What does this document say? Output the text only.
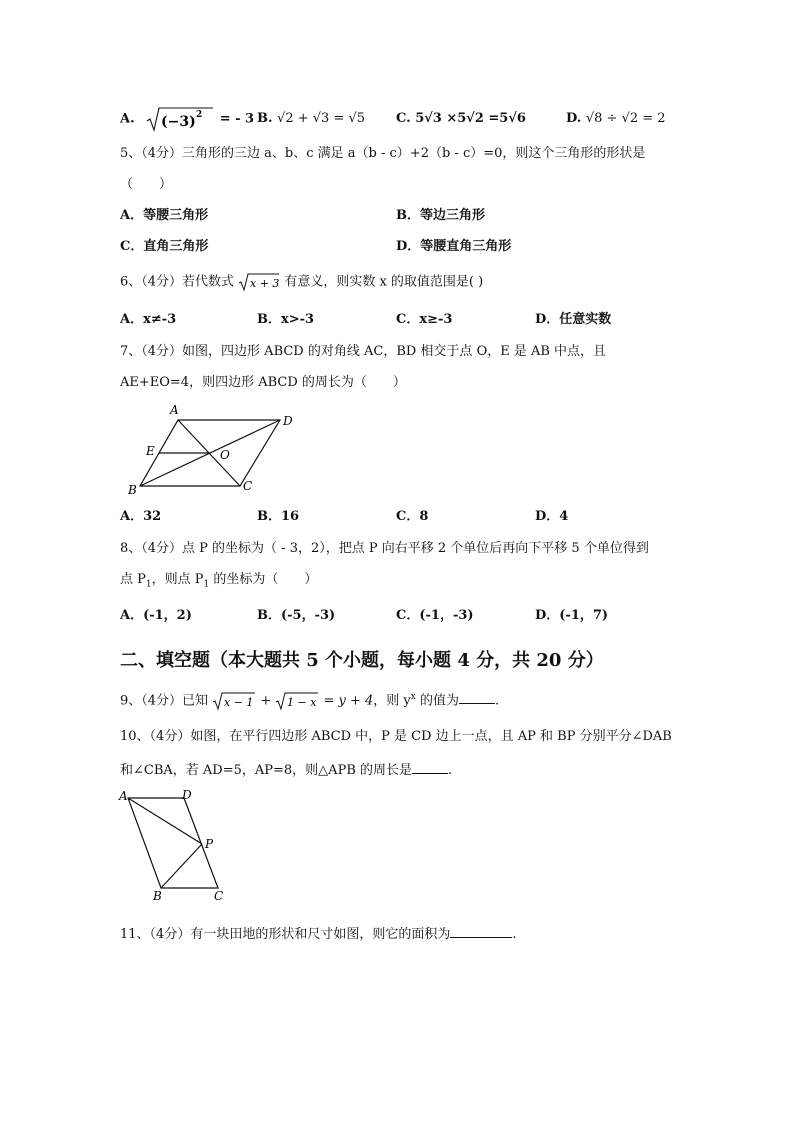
A. (−3) 2 = - 3 B. √2 + √3 = √5 C. 5√3 ×5√2 =5√6	D. √8 ÷ √2 = 2
5、（4分）三角形的三边 a、b、c 满足 a（b - c）+2（b - c）=0，则这个三角形的形状是
（　　）
A．等腰三角形	B．等边三角形
C．直角三角形	D．等腰直角三角形
6、（4分）若代数式 x + 3 有意义，则实数 x 的取值范围是( )
A．x≠-3	B．x>-3	C．x≥-3	D．任意实数
7、（4分）如图，四边形 ABCD 的对角线 AC，BD 相交于点 O，E 是 AB 中点，且
AE+EO=4，则四边形 ABCD 的周长为（　　）
A
D
C
B
E	O
A．32	B．16	C．8	D．4
8、（4分）点 P 的坐标为（ - 3，2），把点 P 向右平移 2 个单位后再向下平移 5 个单位得到
点 $P_1$，则点 $P_1$ 的坐标为（　　）
A．(-1，2)	B．(-5，-3)	C．(-1，-3)	D．(-1，7)
二、填空题（本大题共 5 个小题，每小题 4 分，共 20 分）
9、（4分）已知 x − 1 + 1 − x = y + 4，则 $y^x$ 的值为	.
10、（4分）如图，在平行四边形 ABCD 中，P 是 CD 边上一点，且 AP 和 BP 分别平分∠DAB
和∠CBA，若 AD=5，AP=8，则△APB 的周长是	.
A	D
P
B	C
11、（4分）有一块田地的形状和尺寸如图，则它的面积为	.
